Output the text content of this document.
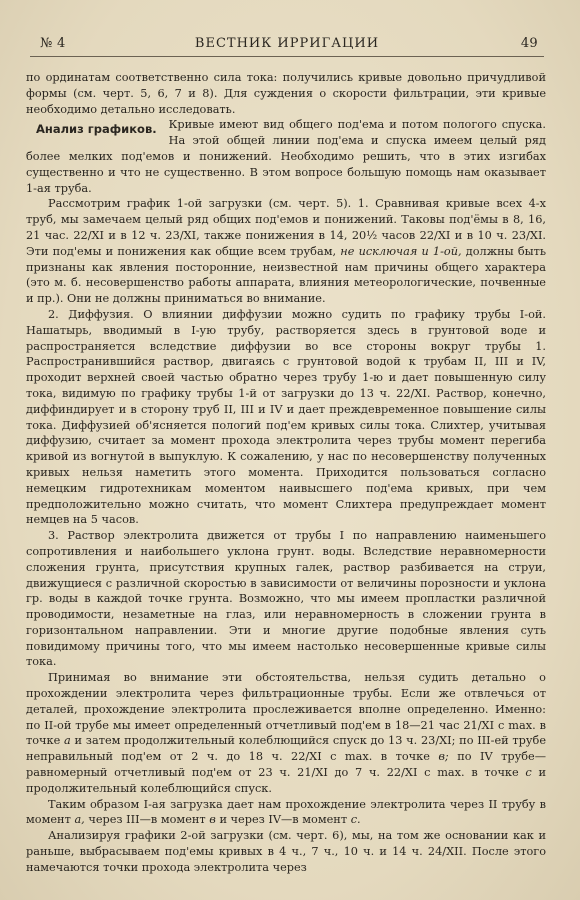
№ 4	ВЕСТНИК ИРРИГАЦИИ	49

по ординатам соответственно сила тока: получились кривые довольно причудливой формы (см. черт. 5, 6, 7 и 8). Для суждения о скорости фильтрации, эти кривые необходимо детально исследовать.

Анализ графиков. Кривые имеют вид общего под'ема и потом пологого спуска. На этой общей линии под'ема и спуска имеем целый ряд более мелких под'емов и понижений. Необходимо решить, что в этих изгибах существенно и что не существенно. В этом вопросе большую помощь нам оказывает 1-ая труба.

Рассмотрим график 1-ой загрузки (см. черт. 5). 1. Сравнивая кривые всех 4-х труб, мы замечаем целый ряд общих под'емов и понижений. Таковы под'ёмы в 8, 16, 21 час. 22/XI и в 12 ч. 23/XI, также понижения в 14, 20½ часов 22/XI и в 10 ч. 23/XI. Эти под'емы и понижения как общие всем трубам, не исключая и 1-ой, должны быть признаны как явления посторонние, неизвестной нам причины общего характера (это м. б. несовершенство работы аппарата, влияния метеорологические, почвенные и пр.). Они не должны приниматься во внимание.

2. Диффузия. О влиянии диффузии можно судить по графику трубы I-ой. Нашатырь, вводимый в I-ую трубу, растворяется здесь в грунтовой воде и распространяется вследствие диффузии во все стороны вокруг трубы 1. Распространившийся раствор, двигаясь с грунтовой водой к трубам II, III и IV, проходит верхней своей частью обратно через трубу 1-ю и дает повышенную силу тока, видимую по графику трубы 1-й от загрузки до 13 ч. 22/XI. Раствор, конечно, диффиндирует и в сторону труб II, III и IV и дает преждевременное повышение силы тока. Диффузией об'ясняется пологий под'ем кривых силы тока. Слихтер, учитывая диффузию, считает за момент прохода электролита через трубы момент перегиба кривой из вогнутой в выпуклую. К сожалению, у нас по несовершенству полученных кривых нельзя наметить этого момента. Приходится пользоваться согласно немецким гидротехникам моментом наивысшего под'ема кривых, при чем предположительно можно считать, что момент Слихтера предупреждает момент немцев на 5 часов.

3. Раствор электролита движется от трубы I по направлению наименьшего сопротивления и наибольшего уклона грунт. воды. Вследствие неравномерности сложения грунта, присутствия крупных галек, раствор разбивается на струи, движущиеся с различной скоростью в зависимости от величины порозности и уклона гр. воды в каждой точке грунта. Возможно, что мы имеем пропластки различной проводимости, незаметные на глаз, или неравномерность в сложении грунта в горизонтальном направлении. Эти и многие другие подобные явления суть повидимому причины того, что мы имеем настолько несовершенные кривые силы тока.

Принимая во внимание эти обстоятельства, нельзя судить детально о прохождении электролита через фильтрационные трубы. Если же отвлечься от деталей, прохождение электролита прослеживается вполне определенно. Именно: по II-ой трубе мы имеет определенный отчетливый под'ем в 18—21 час 21/XI с max. в точке a и затем продолжительный колеблющийся спуск до 13 ч. 23/XI; по III-ей трубе неправильный под'ем от 2 ч. до 18 ч. 22/XI с max. в точке в; по IV трубе—равномерный отчетливый под'ем от 23 ч. 21/XI до 7 ч. 22/XI с max. в точке с и продолжительный колеблющийся спуск.

Таким образом I-ая загрузка дает нам прохождение электролита через II трубу в момент а, через III—в момент в и через IV—в момент с.

Анализируя графики 2-ой загрузки (см. черт. 6), мы, на том же основании как и раньше, выбрасываем под'емы кривых в 4 ч., 7 ч., 10 ч. и 14 ч. 24/XII. После этого намечаются точки прохода электролита через
